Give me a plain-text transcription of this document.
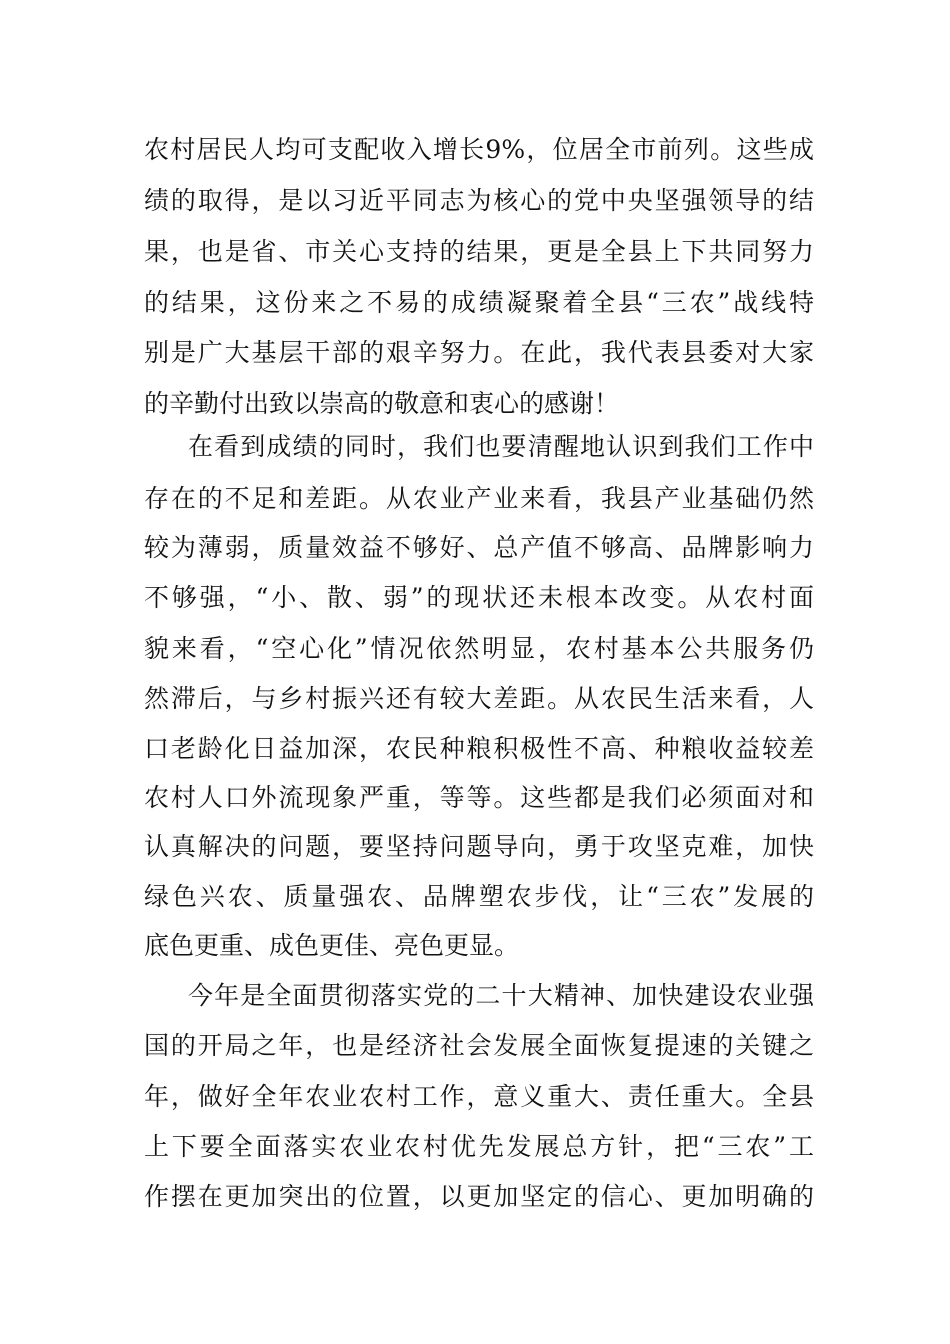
农村居民人均可支配收入增长9%，位居全市前列。这些成
绩的取得，是以习近平同志为核心的党中央坚强领导的结
果，也是省、市关心支持的结果，更是全县上下共同努力
的结果，这份来之不易的成绩凝聚着全县“三农”战线特
别是广大基层干部的艰辛努力。在此，我代表县委对大家
的辛勤付出致以崇高的敬意和衷心的感谢！
在看到成绩的同时，我们也要清醒地认识到我们工作中
存在的不足和差距。从农业产业来看，我县产业基础仍然
较为薄弱，质量效益不够好、总产值不够高、品牌影响力
不够强，“小、散、弱”的现状还未根本改变。从农村面
貌来看，“空心化”情况依然明显，农村基本公共服务仍
然滞后，与乡村振兴还有较大差距。从农民生活来看，人
口老龄化日益加深，农民种粮积极性不高、种粮收益较差
农村人口外流现象严重，等等。这些都是我们必须面对和
认真解决的问题，要坚持问题导向，勇于攻坚克难，加快
绿色兴农、质量强农、品牌塑农步伐，让“三农”发展的
底色更重、成色更佳、亮色更显。
今年是全面贯彻落实党的二十大精神、加快建设农业强
国的开局之年，也是经济社会发展全面恢复提速的关键之
年，做好全年农业农村工作，意义重大、责任重大。全县
上下要全面落实农业农村优先发展总方针，把“三农”工
作摆在更加突出的位置，以更加坚定的信心、更加明确的
